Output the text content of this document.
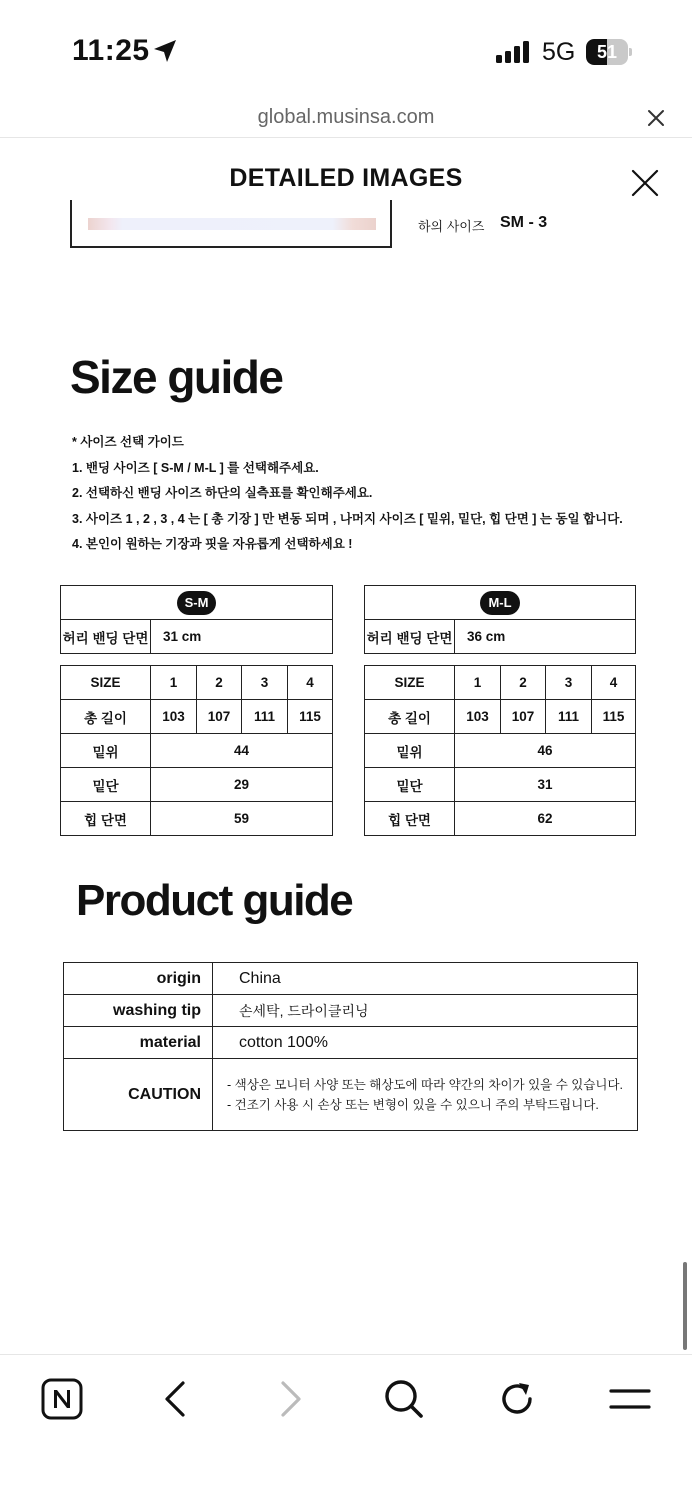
11:25	5G	51
global.musinsa.com
DETAILED IMAGES
하의 사이즈 SM - 3
Size guide
* 사이즈 선택 가이드
1. 밴딩 사이즈 [ S-M / M-L ] 를 선택해주세요.
2. 선택하신 밴딩 사이즈 하단의 실측표를 확인해주세요.
3. 사이즈 1 , 2 , 3 , 4 는 [ 총 기장 ] 만 변동 되며 , 나머지 사이즈 [ 밑위, 밑단, 힙 단면 ] 는 동일 합니다.
4. 본인이 원하는 기장과 핏을 자유롭게 선택하세요 !
S-M
허리 밴딩 단면	31 cm
M-L
허리 밴딩 단면	36 cm
SIZE	1	2	3	4
총 길이	103	107	111	115
밑위	44			
밑단	29			
힙 단면	59			
SIZE	1	2	3	4
총 길이	103	107	111	115
밑위	46			
밑단	31			
힙 단면	62			
Product guide
origin	China
washing tip	손세탁, 드라이클리닝
material	cotton 100%
CAUTION	- 색상은 모니터 사양 또는 해상도에 따라 약간의 차이가 있을 수 있습니다.
- 건조기 사용 시 손상 또는 변형이 있을 수 있으니 주의 부탁드립니다.
